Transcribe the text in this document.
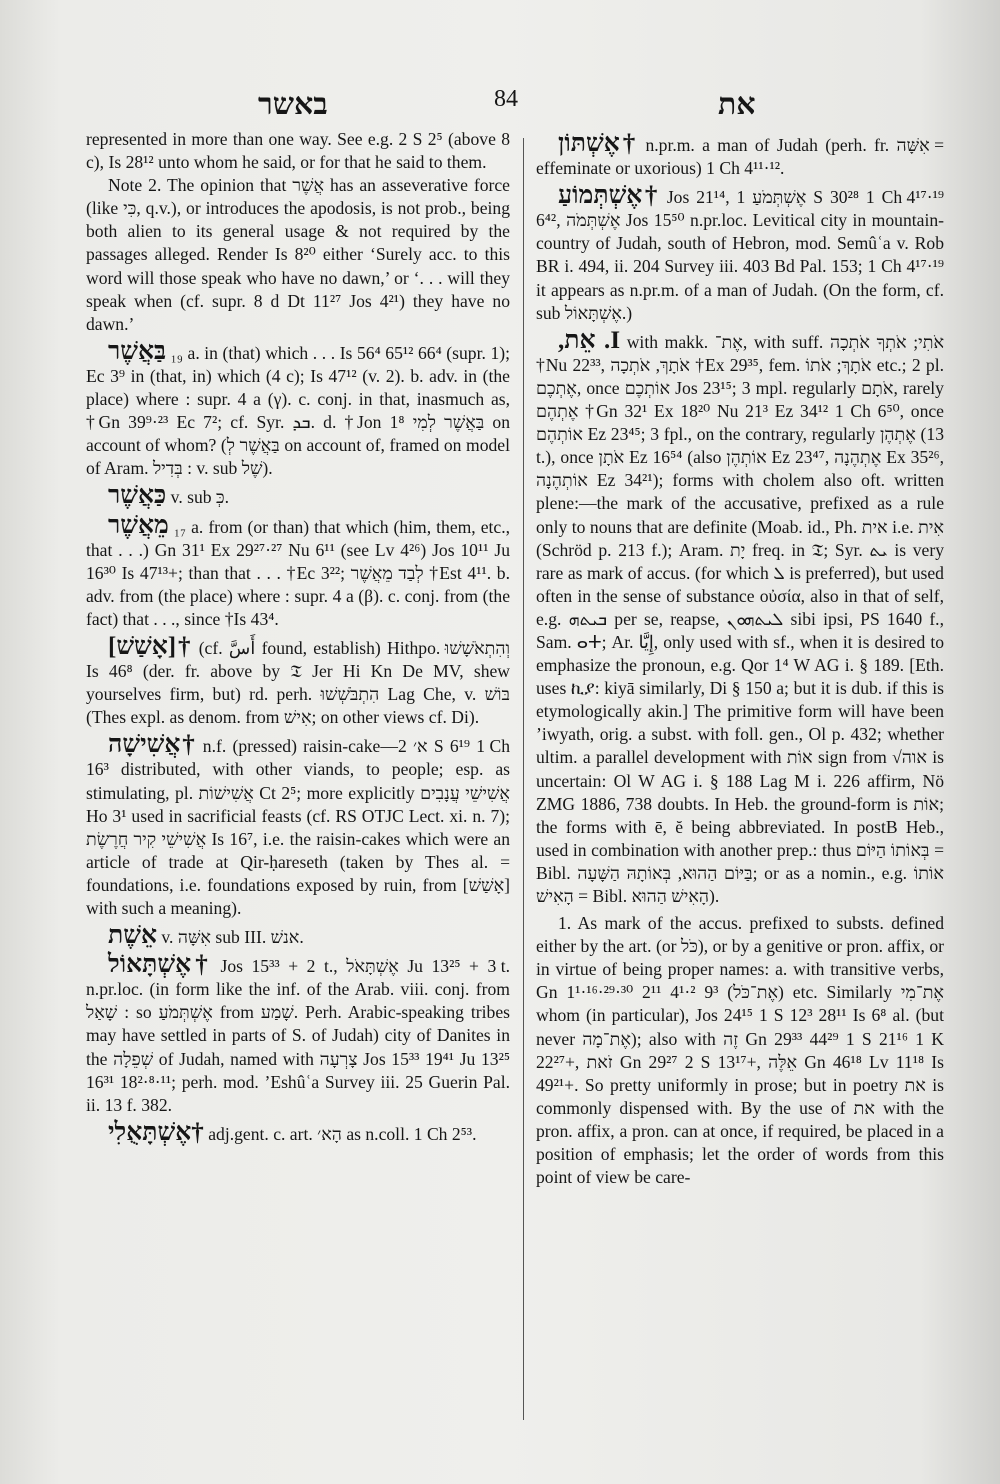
באשר	84	את

represented in more than one way. See e.g. 2 S 2⁵ (above 8 c), Is 28¹² unto whom he said, or for that he said to them.

Note 2. The opinion that אֲשֶׁר has an asseverative force (like כִּי, q.v.), or introduces the apodosis, is not prob., being both alien to its general usage & not required by the passages alleged. Render Is 8²⁰ either ‘Surely acc. to this word will those speak who have no dawn,’ or ‘. . . will they speak when (cf. supr. 8 d Dt 11²⁷ Jos 4²¹) they have no dawn.’

בַּאֲשֶׁר ₁₉ a. in (that) which . . . Is 56⁴ 65¹² 66⁴ (supr. 1); Ec 3⁹ in (that, in) which (4 c); Is 47¹² (v. 2). b. adv. in (the place) where : supr. 4 a (γ). c. conj. in that, inasmuch as, †Gn 39⁹·²³ Ec 7²; cf. Syr. ܒܕ. d. †Jon 1⁸ בַּאֲשֶׁר לְמִי on account of whom? (בַּאֲשֶׁר לְ on account of, framed on model of Aram. בְּדִיל : v. sub שֶׁל).

כַּאֲשֶׁר v. sub כְּ.

מֵאֲשֶׁר ₁₇ a. from (or than) that which (him, them, etc., that . . .) Gn 31¹ Ex 29²⁷·²⁷ Nu 6¹¹ (see Lv 4²⁶) Jos 10¹¹ Ju 16³⁰ Is 47¹³+; than that . . . †Ec 3²²; לְבַד מֵאֲשֶׁר †Est 4¹¹. b. adv. from (the place) where : supr. 4 a (β). c. conj. from (the fact) that . . ., since †Is 43⁴.

†[אָשַׁשׁ] (cf. أَسَّ found, establish) Hithpo. וְהִתְאֹשָׁשׁוּ Is 46⁸ (der. fr. above by 𝔗 Jer Hi Kn De MV, shew yourselves firm, but) rd. perh. הִתְבֹּשְׁשׁוּ Lag Che, v. בּוֹשׁ (Thes expl. as denom. from אִישׁ; on other views cf. Di).

†אֲשִׁישָׁה n.f. (pressed) raisin-cake—א׳ 2 S 6¹⁹ 1 Ch 16³ distributed, with other viands, to people; esp. as stimulating, pl. אֲשִׁישׁוֹת Ct 2⁵; more explicitly אֲשִׁישֵׁי עֲנָבִים Ho 3¹ used in sacrificial feasts (cf. RS OTJC Lect. xi. n. 7); אֲשִׁישֵׁי קִיר חֲרֶשֶׂת Is 16⁷, i.e. the raisin-cakes which were an article of trade at Qir-ḥareseth (taken by Thes al. = foundations, i.e. foundations exposed by ruin, from [אָשַׁשׁ] with such a meaning).

אֵשֶׁת v. אִשָּׁה sub III. אנשׁ.

†אֶשְׁתָּאוֹל Jos 15³³ + 2 t., אֶשְׁתָּאֹל Ju 13²⁵ + 3 t. n.pr.loc. (in form like the inf. of the Arab. viii. conj. from שָׁאַל : so אֶשְׁתְּמֹעַ from שָׁמַע. Perh. Arabic-speaking tribes may have settled in parts of S. of Judah) city of Danites in the שְׁפֵלָה of Judah, named with צָרְעָה Jos 15³³ 19⁴¹ Ju 13²⁵ 16³¹ 18²·⁸·¹¹; perh. mod. ’Eshûʿa Survey iii. 25 Guerin Pal. ii. 13 f. 382.

†אֶשְׁתָּאֻלִי adj.gent. c. art. הָא׳ as n.coll. 1 Ch 2⁵³.

†אֶשְׁתּוֹן n.pr.m. a man of Judah (perh. fr. אִשָּׁה = effeminate or uxorious) 1 Ch 4¹¹·¹².

†אֶשְׁתְּמוֹעַ Jos 21¹⁴, אֶשְׁתְּמֹעַ 1 S 30²⁸ 1 Ch 4¹⁷·¹⁹ 6⁴², אֶשְׁתְּמֹה Jos 15⁵⁰ n.pr.loc. Levitical city in mountain-country of Judah, south of Hebron, mod. Semûʿa v. Rob BR i. 494, ii. 204 Survey iii. 403 Bd Pal. 153; 1 Ch 4¹⁷·¹⁹ it appears as n.pr.m. of a man of Judah. (On the form, cf. sub אֶשְׁתָּאוֹל.)

I. אֵת, with makk. אֶת־, with suff. אֹתִי; אֹתְךָ אֹתְכָה †Nu 22³³, אֹתָךְ, אֹתְכָה †Ex 29³⁵, fem. אֹתָךְ; אֹתוֹ etc.; 2 pl. אֶתְכֶם, once אוֹתְכֶם Jos 23¹⁵; 3 mpl. regularly אֹתָם, rarely אֶתְהֶם †Gn 32¹ Ex 18²⁰ Nu 21³ Ez 34¹² 1 Ch 6⁵⁰, once אוֹתְהֶם Ez 23⁴⁵; 3 fpl., on the contrary, regularly אֶתְהֶן (13 t.), once אֹתָן Ez 16⁵⁴ (also אוֹתְהֶן Ez 23⁴⁷, אֶתְהֶנָה Ex 35²⁶, אוֹתְהֶנָה Ez 34²¹); forms with cholem also oft. written plene:—the mark of the accusative, prefixed as a rule only to nouns that are definite (Moab. id., Ph. אית i.e. אִית (Schröd p. 213 f.); Aram. יָת freq. in 𝔗; Syr. ܝܬ is very rare as mark of accus. (for which ܠ is preferred), but used often in the sense of substance οὐσία, also in that of self, e.g. ܒܝܬܗ per se, reapse, ܠܝܬܗܘܢ sibi ipsi, PS 1640 f., Sam. ⴰⵜ; Ar. إِيَّا, only used with sf., when it is desired to emphasize the pronoun, e.g. Qor 1⁴ W AG i. § 189. [Eth. uses ኪያ: kiyā similarly, Di § 150 a; but it is dub. if this is etymologically akin.] The primitive form will have been ’iwyath, orig. a subst. with foll. gen., Ol p. 432; whether ultim. a parallel development with אוֹת sign from √אוה is uncertain: Ol W AG i. § 188 Lag M i. 226 affirm, Nö ZMG 1886, 738 doubts. In Heb. the ground-form is אוֹת; the forms with ē, ĕ being abbreviated. In postB Heb., used in combination with another prep.: thus בְּאוֹתוֹ הַיּוֹם = Bibl. בַּיּוֹם הַהוּא, בְּאוֹתָהּ הַשָּׁעָה; or as a nomin., e.g. אוֹתוֹ הָאִישׁ = Bibl. הָאִישׁ הַהוּא).

1. As mark of the accus. prefixed to substs. defined either by the art. (or כֹּל), or by a genitive or pron. affix, or in virtue of being proper names: a. with transitive verbs, Gn 1¹·¹⁶·²⁹·³⁰ 2¹¹ 4¹·² 9³ (אֶת־כֹּל) etc. Similarly אֶת־מִי whom (in particular), Jos 24¹⁵ 1 S 12³ 28¹¹ Is 6⁸ al. (but never אֶת־מָה); also with זֶה Gn 29³³ 44²⁹ 1 S 21¹⁶ 1 K 22²⁷+, זֹאת Gn 29²⁷ 2 S 13¹⁷+, אֵלֶּה Gn 46¹⁸ Lv 11¹⁸ Is 49²¹+. So pretty uniformly in prose; but in poetry את is commonly dispensed with. By the use of את with the pron. affix, a pron. can at once, if required, be placed in a position of emphasis; let the order of words from this point of view be care-
